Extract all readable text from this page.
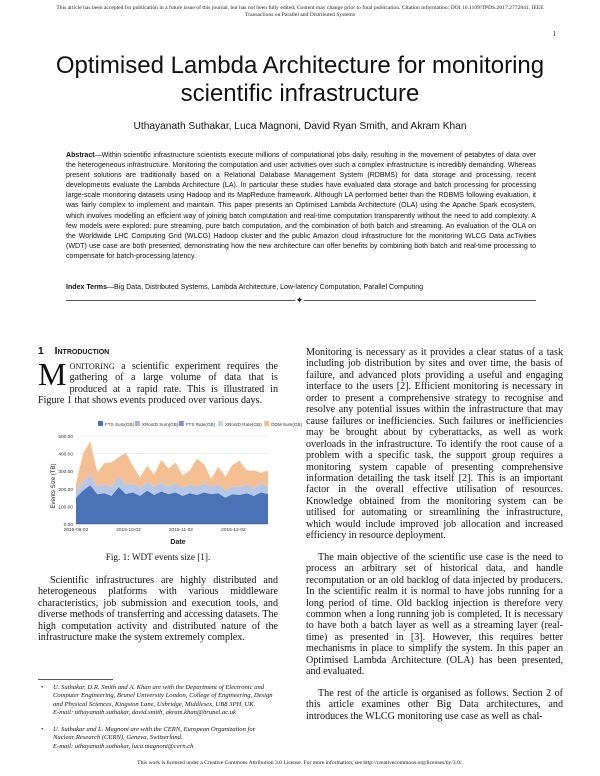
This article has been accepted for publication in a future issue of this journal, but has not been fully edited. Content may change prior to final publication. Citation information: DOI 10.1109/TPDS.2017.2772841, IEEE
Transactions on Parallel and Distributed Systems
1
Optimised Lambda Architecture for monitoring scientific infrastructure
Uthayanath Suthakar, Luca Magnoni, David Ryan Smith, and Akram Khan
Abstract—Within scientific infrastructure scientists execute millions of computational jobs daily, resulting in the movement of petabytes of data over the heterogeneous infrastructure. Monitoring the computation and user activities over such a complex infrastructure is incredibly demanding. Whereas present solutions are traditionally based on a Relational Database Management System (RDBMS) for data storage and processing, recent developments evaluate the Lambda Architecture (LA). In particular these studies have evaluated data storage and batch processing for processing large-scale monitoring datasets using Hadoop and its MapReduce framework. Although LA performed better than the RDBMS following evaluation, it was fairly complex to implement and maintain. This paper presents an Optimised Lambda Architecture (OLA) using the Apache Spark ecosystem, which involves modelling an efficient way of joining batch computation and real-time computation transparently without the need to add complexity. A few models were explored: pure streaming, pure batch computation, and the combination of both batch and streaming. An evaluation of the OLA on the Worldwide LHC Computing Grid (WLCG) Hadoop cluster and the public Amazon cloud infrastructure for the monitoring WLCG Data acTivities (WDT) use case are both presented, demonstrating how the new architecture can offer benefits by combining both batch and real-time processing to compensate for batch-processing latency.
Index Terms—Big Data, Distributed Systems, Lambda Architecture, Low-latency Computation, Parallel Computing
✦
1 Introduction

MONITORING a scientific experiment requires the gathering of a large volume of data that is produced at a rapid rate. This is illustrated in Figure 1 that shows events produced over various days.

FTS Sum(GB) XRootD Sum(GB) FTS Rate(GB) XRootD Rate(GB) DDM Sum(GB)
0.00
100.00
200.00
300.00
400.00
500.00
2015-09-02	2015-10-02	2015-11-02	2015-12-02
Events Size (TB)
Date
Fig. 1: WDT events size [1].

Scientific infrastructures are highly distributed and heterogeneous platforms with various middleware characteristics, job submission and execution tools, and diverse methods of transferring and accessing datasets. The high computation activity and distributed nature of the infrastructure make the system extremely complex.

• U. Suthakar, D.R. Smith and A. Khan are with the Department of Electronic and Computer Engineering, Brunel University London, College of Engineering, Design and Physical Sciences, Kingston Lane, Uxbridge, Middlesex, UB8 3PH, UK.
E-mail: uthayanath.suthakar, david.smith, akram.khan@brunel.ac.uk
• U. Suthakar and L. Magnoni are with the CERN, European Organization for Nuclear Research (CERN), Geneva, Switzerland.
E-mail: uthayanath.suthakar, luca.magnoni@cern.ch

Monitoring is necessary as it provides a clear status of a task including job distribution by sites and over time, the basis of failure, and advanced plots providing a useful and engaging interface to the users [2]. Efficient monitoring is necessary in order to present a comprehensive strategy to recognise and resolve any potential issues within the infrastructure that may cause failures or inefficiencies. Such failures or inefficiencies may be brought about by cyberattacks, as well as work overloads in the infrastructure. To identify the root cause of a problem with a specific task, the support group requires a monitoring system capable of presenting comprehensive information detailing the task itself [2]. This is an important factor in the overall effective utilisation of resources. Knowledge obtained from the monitoring system can be utilised for automating or streamlining the infrastructure, which would include improved job allocation and increased efficiency in resource deployment.

The main objective of the scientific use case is the need to process an arbitrary set of historical data, and handle recomputation or an old backlog of data injected by producers. In the scientific realm it is normal to have jobs running for a long period of time. Old backlog injection is therefore very common when a long running job is completed. It is necessary to have both a batch layer as well as a streaming layer (real-time) as presented in [3]. However, this requires better mechanisms in place to simplify the system. In this paper an Optimised Lambda Architecture (OLA) has been presented, and evaluated.

The rest of the article is organised as follows. Section 2 of this article examines other Big Data architectures, and introduces the WLCG monitoring use case as well as chal-

This work is licensed under a Creative Commons Attribution 3.0 License. For more information, see http://creativecommons.org/licenses/by/3.0/.
